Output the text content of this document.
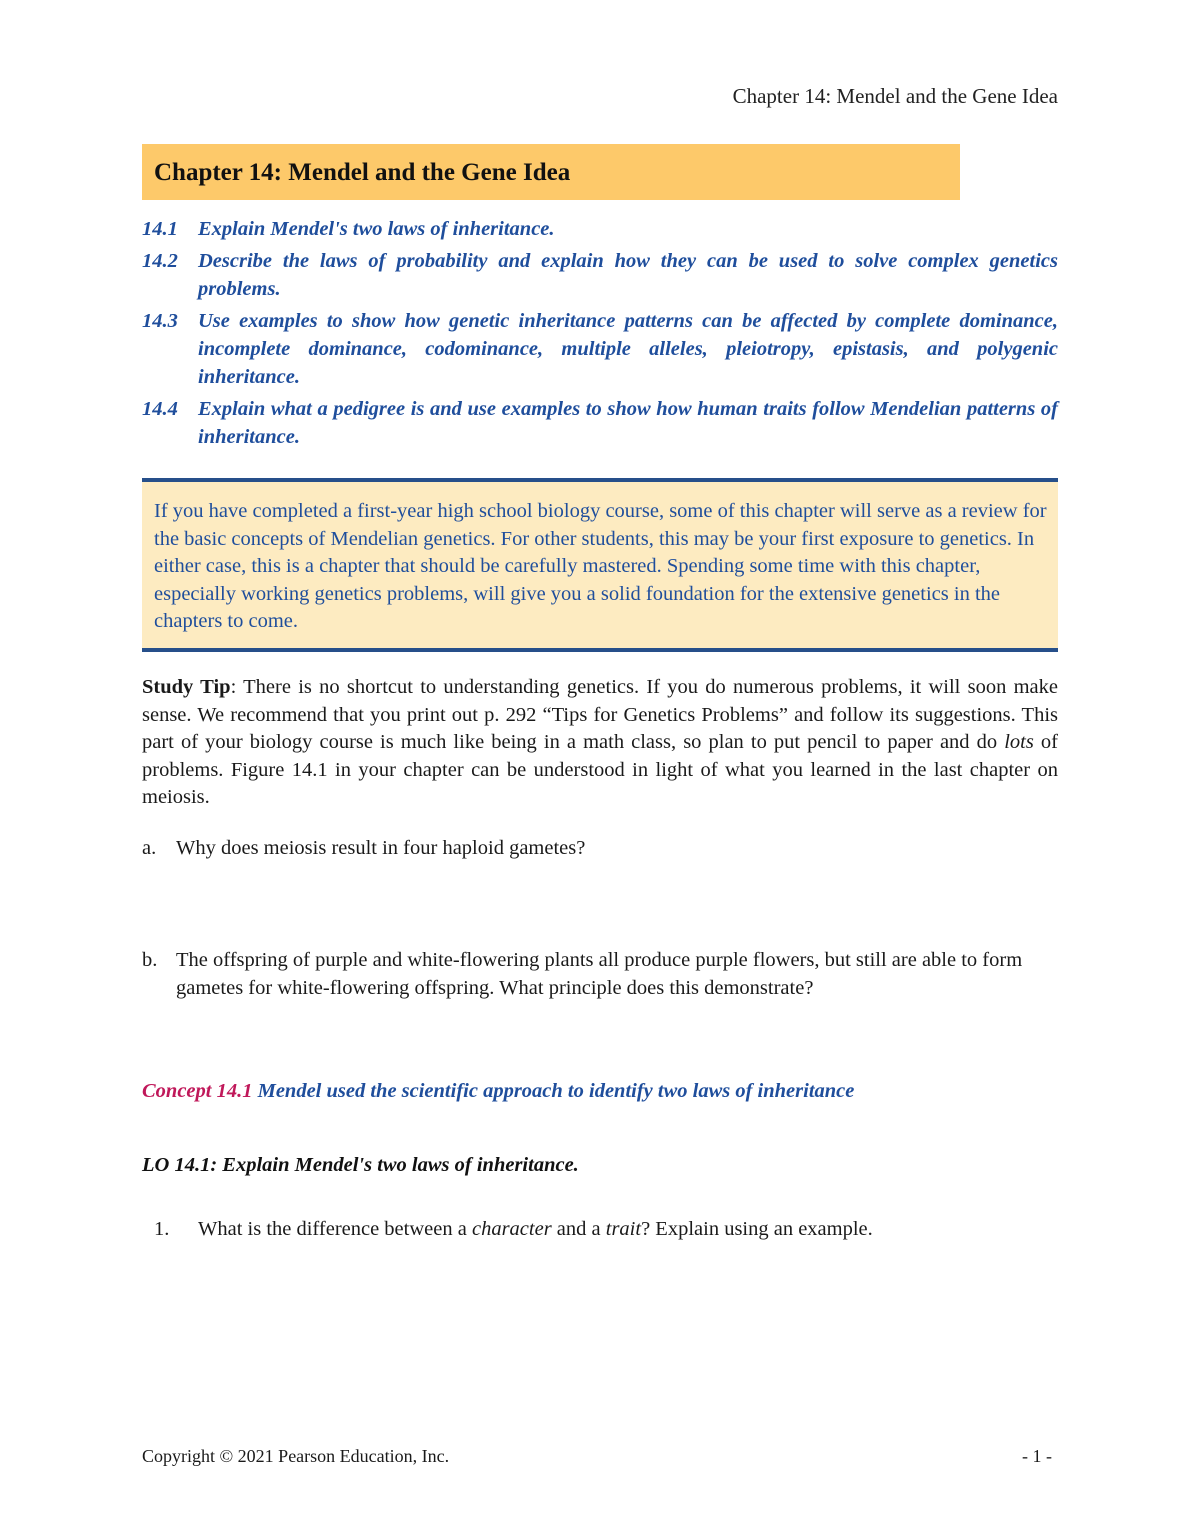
Chapter 14: Mendel and the Gene Idea
Chapter 14: Mendel and the Gene Idea
14.1 Explain Mendel's two laws of inheritance.
14.2 Describe the laws of probability and explain how they can be used to solve complex genetics problems.
14.3 Use examples to show how genetic inheritance patterns can be affected by complete dominance, incomplete dominance, codominance, multiple alleles, pleiotropy, epistasis, and polygenic inheritance.
14.4 Explain what a pedigree is and use examples to show how human traits follow Mendelian patterns of inheritance.
If you have completed a first-year high school biology course, some of this chapter will serve as a review for the basic concepts of Mendelian genetics. For other students, this may be your first exposure to genetics. In either case, this is a chapter that should be carefully mastered. Spending some time with this chapter, especially working genetics problems, will give you a solid foundation for the extensive genetics in the chapters to come.
Study Tip: There is no shortcut to understanding genetics. If you do numerous problems, it will soon make sense. We recommend that you print out p. 292 “Tips for Genetics Problems” and follow its suggestions. This part of your biology course is much like being in a math class, so plan to put pencil to paper and do lots of problems. Figure 14.1 in your chapter can be understood in light of what you learned in the last chapter on meiosis.
a. Why does meiosis result in four haploid gametes?
b. The offspring of purple and white-flowering plants all produce purple flowers, but still are able to form gametes for white-flowering offspring. What principle does this demonstrate?
Concept 14.1 Mendel used the scientific approach to identify two laws of inheritance
LO 14.1: Explain Mendel's two laws of inheritance.
1.	What is the difference between a character and a trait? Explain using an example.
Copyright © 2021 Pearson Education, Inc.	- 1 -
